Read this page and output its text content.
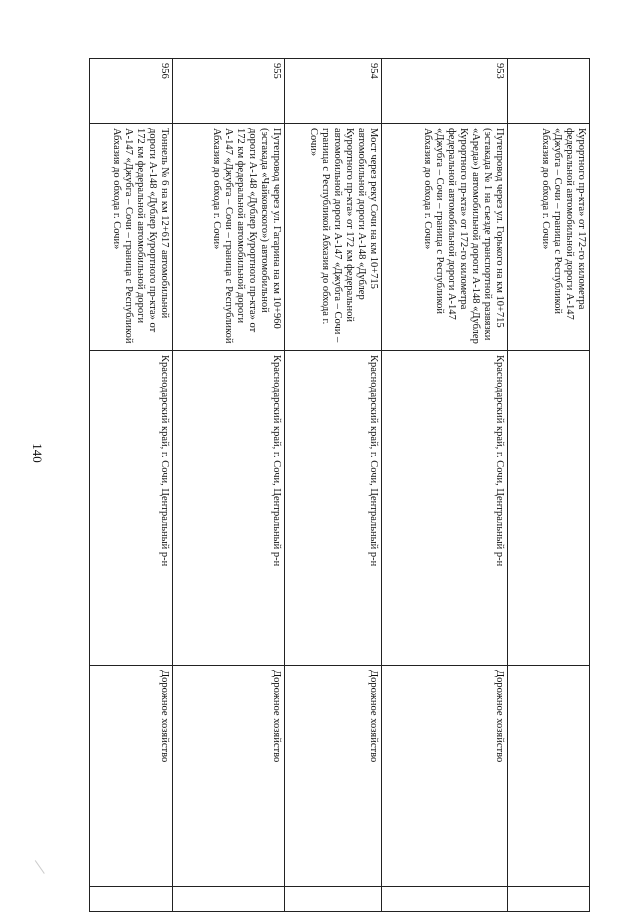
140
	Курортного пр-кта» от 172-го километра федеральной автомобильной дороги А-147 «Джубга – Сочи – граница с Республикой Абхазия до обхода г. Сочи»			
953	Путепровод через ул. Горького на км 10+715 (эстакада № 1 на съезде транспортной развязки «Арeда») автомобильной дороги А-148 «Дублер Курортного пр-кта» от 172-го километра федеральной автомобильной дороги А-147 «Джубга – Сочи – граница с Республикой Абхазия до обхода г. Сочи»	Краснодарский край, г. Сочи, Центральный р-н	Дорожное хозяйство	
954	Мост через реку Сочи на км 10+715 автомобильной дороги А-148 «Дублер Курортного пр-кта» от 172 км федеральной автомобильной дороги А-147 «Джубга – Сочи – граница с Республикой Абхазия до обхода г. Сочи»	Краснодарский край, г. Сочи, Центральный р-н	Дорожное хозяйство	
955	Путепровод через ул. Гагарина на км 10+960 (эстакада «Чайковского») автомобильной дороги А-148 «Дублер Курортного пр-кта» от 172 км федеральной автомобильной дороги А-147 «Джубга – Сочи – граница с Республикой Абхазия до обхода г. Сочи»	Краснодарский край, г. Сочи, Центральный р-н	Дорожное хозяйство	
956	Тоннель № 6 на км 12+617 автомобильной дороги А-148 «Дублер Курортного пр-кта» от 172 км федеральной автомобильной дороги А-147 «Джубга – Сочи – граница с Республикой Абхазия до обхода г. Сочи»	Краснодарский край, г. Сочи, Центральный р-н	Дорожное хозяйство	
